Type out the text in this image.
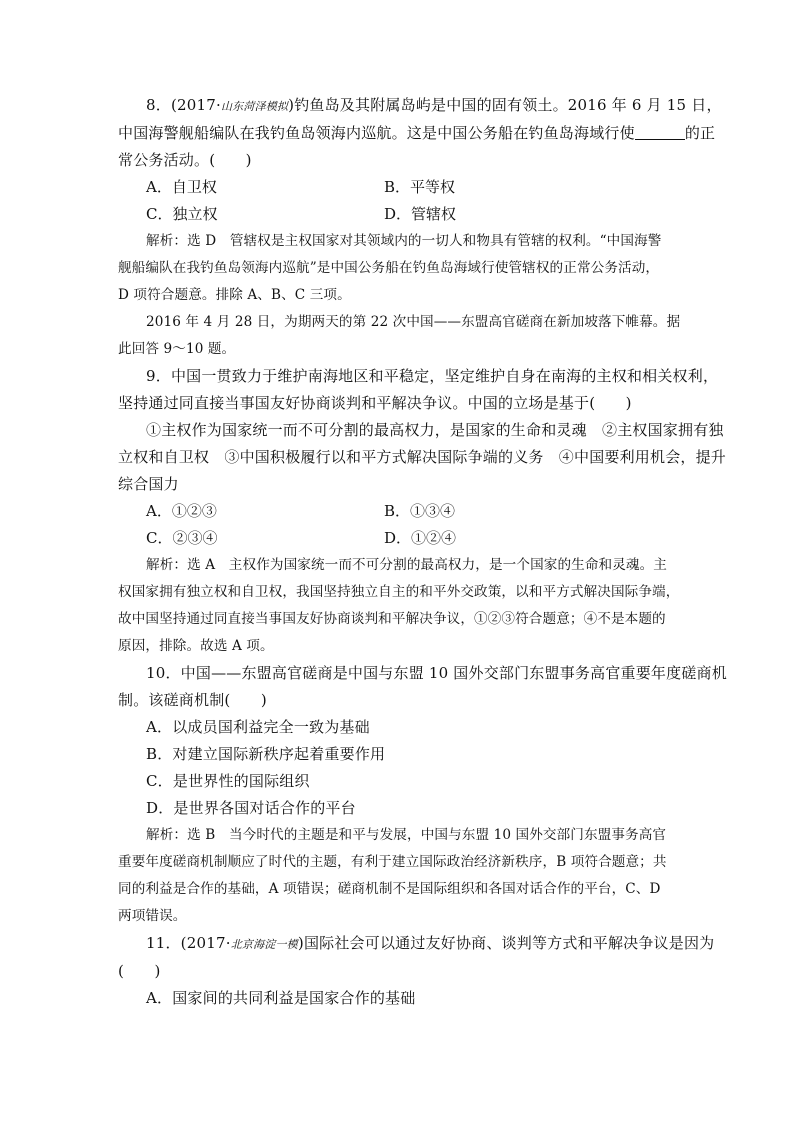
8．(2017·山东菏泽模拟)钓鱼岛及其附属岛屿是中国的固有领土。2016 年 6 月 15 日，
中国海警舰船编队在我钓鱼岛领海内巡航。这是中国公务船在钓鱼岛海域行使	的正
常公务活动。(　　)
A．自卫权	B．平等权
C．独立权	D．管辖权
解析：选 D　管辖权是主权国家对其领域内的一切人和物具有管辖的权利。“中国海警
舰船编队在我钓鱼岛领海内巡航”是中国公务船在钓鱼岛海域行使管辖权的正常公务活动，
D 项符合题意。排除 A、B、C 三项。
2016 年 4 月 28 日，为期两天的第 22 次中国——东盟高官磋商在新加坡落下帷幕。据
此回答 9～10 题。
9．中国一贯致力于维护南海地区和平稳定，坚定维护自身在南海的主权和相关权利，
坚持通过同直接当事国友好协商谈判和平解决争议。中国的立场是基于(　　)
①主权作为国家统一而不可分割的最高权力，是国家的生命和灵魂　②主权国家拥有独
立权和自卫权　③中国积极履行以和平方式解决国际争端的义务　④中国要利用机会，提升
综合国力
A．①②③	B．①③④
C．②③④	D．①②④
解析：选 A　主权作为国家统一而不可分割的最高权力，是一个国家的生命和灵魂。主
权国家拥有独立权和自卫权，我国坚持独立自主的和平外交政策，以和平方式解决国际争端，
故中国坚持通过同直接当事国友好协商谈判和平解决争议，①②③符合题意；④不是本题的
原因，排除。故选 A 项。
10．中国——东盟高官磋商是中国与东盟 10 国外交部门东盟事务高官重要年度磋商机
制。该磋商机制(　　)
A．以成员国利益完全一致为基础
B．对建立国际新秩序起着重要作用
C．是世界性的国际组织
D．是世界各国对话合作的平台
解析：选 B　当今时代的主题是和平与发展，中国与东盟 10 国外交部门东盟事务高官
重要年度磋商机制顺应了时代的主题，有利于建立国际政治经济新秩序，B 项符合题意；共
同的利益是合作的基础，A 项错误；磋商机制不是国际组织和各国对话合作的平台，C、D
两项错误。
11．(2017·北京海淀一模)国际社会可以通过友好协商、谈判等方式和平解决争议是因为
(　　)
A．国家间的共同利益是国家合作的基础
